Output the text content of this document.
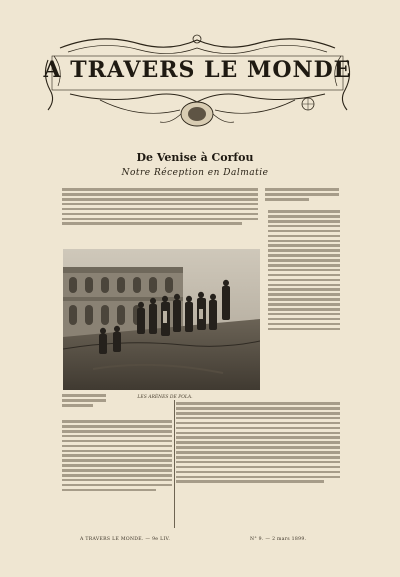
A TRAVERS LE MONDE
De Venise à Corfou
Notre Réception en Dalmatie
LES ARÈNES DE POLA.
A TRAVERS LE MONDE. — 9e LIV.	N° 9. — 2 mars 1899.
